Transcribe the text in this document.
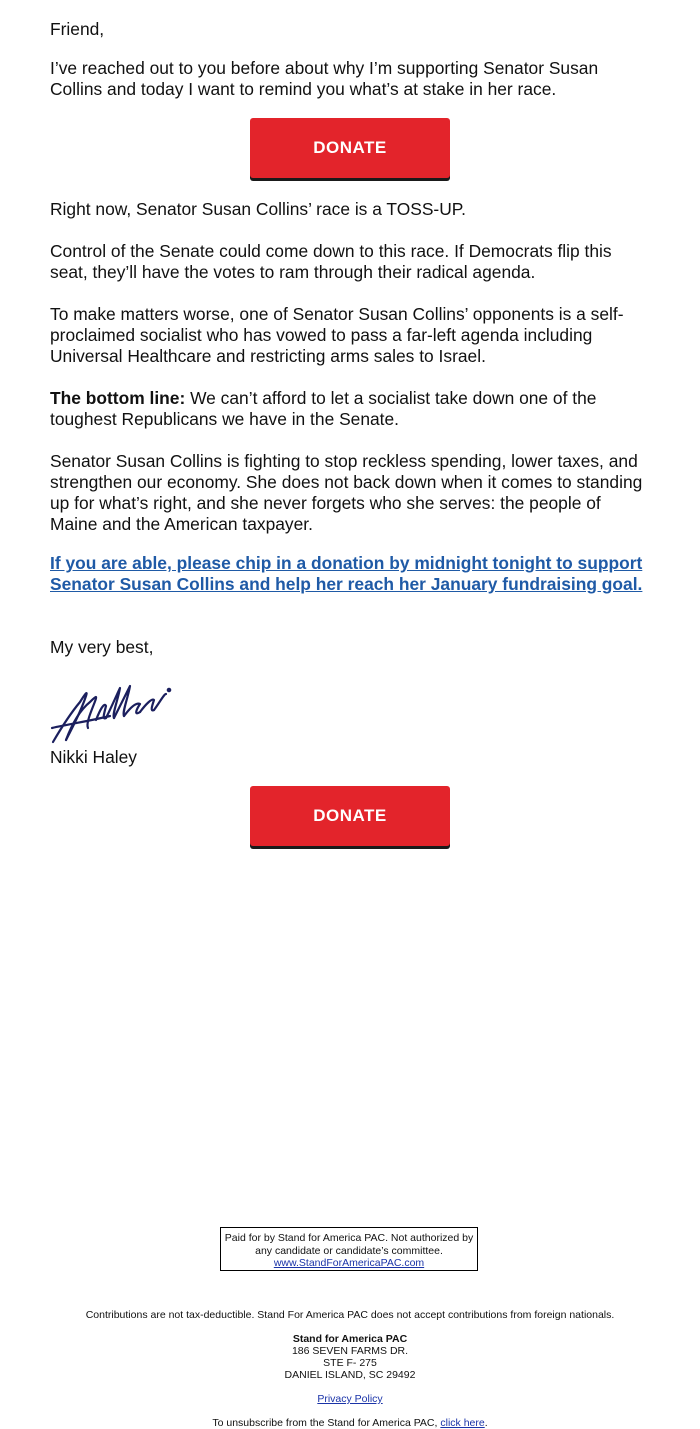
Friend,

I’ve reached out to you before about why I’m supporting Senator Susan Collins and today I want to remind you what’s at stake in her race.

DONATE

Right now, Senator Susan Collins’ race is a TOSS-UP.

Control of the Senate could come down to this race. If Democrats flip this seat, they’ll have the votes to ram through their radical agenda.

To make matters worse, one of Senator Susan Collins’ opponents is a self-proclaimed socialist who has vowed to pass a far-left agenda including Universal Healthcare and restricting arms sales to Israel.

The bottom line: We can’t afford to let a socialist take down one of the toughest Republicans we have in the Senate.

Senator Susan Collins is fighting to stop reckless spending, lower taxes, and strengthen our economy. She does not back down when it comes to standing up for what’s right, and she never forgets who she serves: the people of Maine and the American taxpayer.

If you are able, please chip in a donation by midnight tonight to support Senator Susan Collins and help her reach her January fundraising goal.

My very best,

Nikki Haley

DONATE
Paid for by Stand for America PAC. Not authorized by any candidate or candidate’s committee.
www.StandForAmericaPAC.com
Contributions are not tax-deductible. Stand For America PAC does not accept contributions from foreign nationals.
Stand for America PAC
186 SEVEN FARMS DR.
STE F- 275
DANIEL ISLAND, SC 29492
Privacy Policy
To unsubscribe from the Stand for America PAC, click here.
